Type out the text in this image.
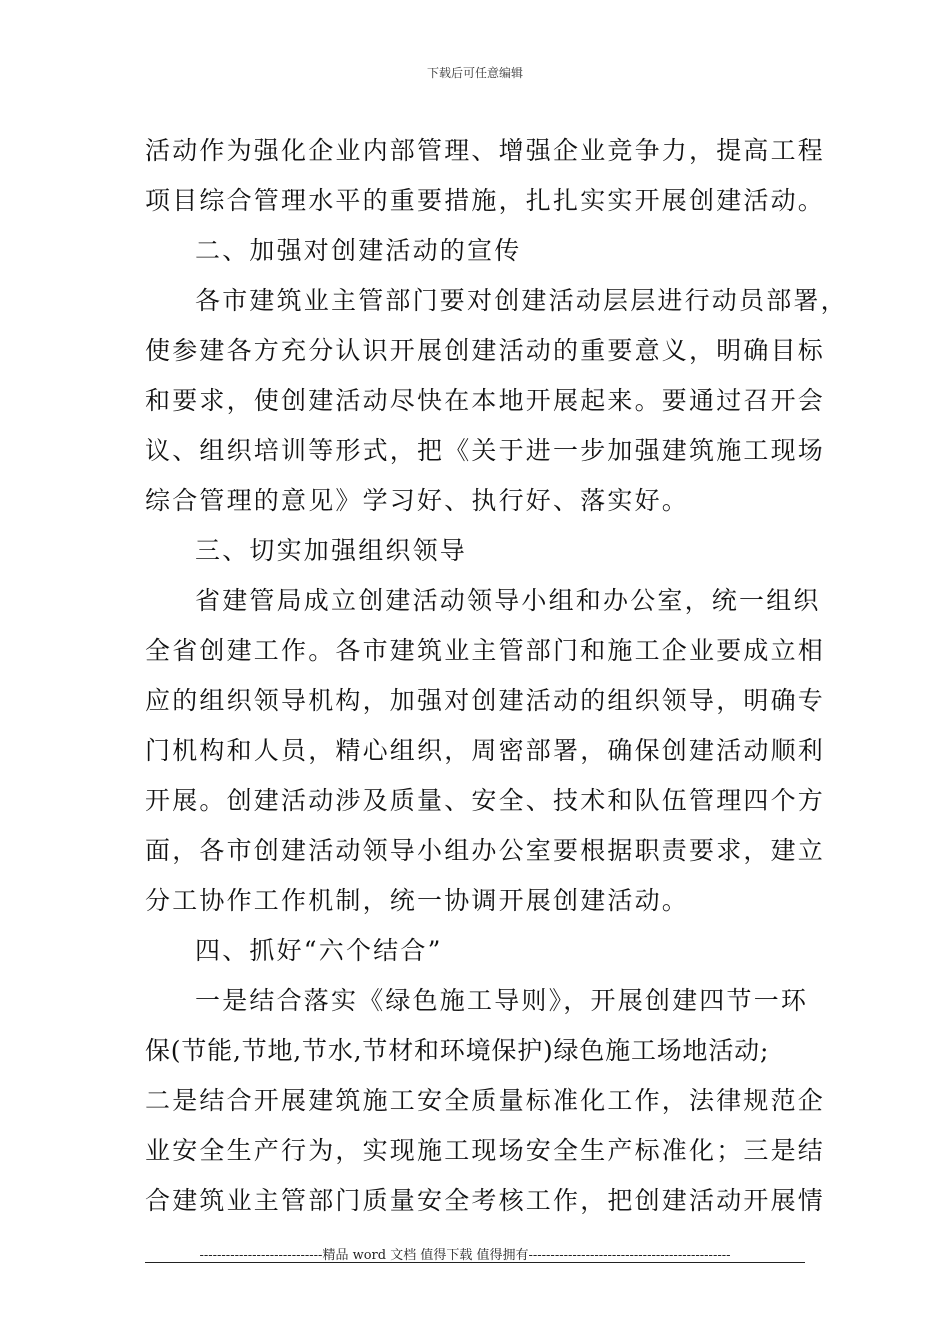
下载后可任意编辑
活动作为强化企业内部管理、增强企业竞争力，提高工程
项目综合管理水平的重要措施，扎扎实实开展创建活动。
二、加强对创建活动的宣传
各市建筑业主管部门要对创建活动层层进行动员部署，
使参建各方充分认识开展创建活动的重要意义，明确目标
和要求，使创建活动尽快在本地开展起来。要通过召开会
议、组织培训等形式，把《关于进一步加强建筑施工现场
综合管理的意见》学习好、执行好、落实好。
三、切实加强组织领导
省建管局成立创建活动领导小组和办公室，统一组织
全省创建工作。各市建筑业主管部门和施工企业要成立相
应的组织领导机构，加强对创建活动的组织领导，明确专
门机构和人员，精心组织，周密部署，确保创建活动顺利
开展。创建活动涉及质量、安全、技术和队伍管理四个方
面，各市创建活动领导小组办公室要根据职责要求，建立
分工协作工作机制，统一协调开展创建活动。
四、抓好“六个结合”
一是结合落实《绿色施工导则》，开展创建四节一环
保(节能,节地,节水,节材和环境保护)绿色施工场地活动;
二是结合开展建筑施工安全质量标准化工作，法律规范企
业安全生产行为，实现施工现场安全生产标准化；三是结
合建筑业主管部门质量安全考核工作，把创建活动开展情
----------------------------精品 word 文档 值得下载 值得拥有----------------------------------------------
